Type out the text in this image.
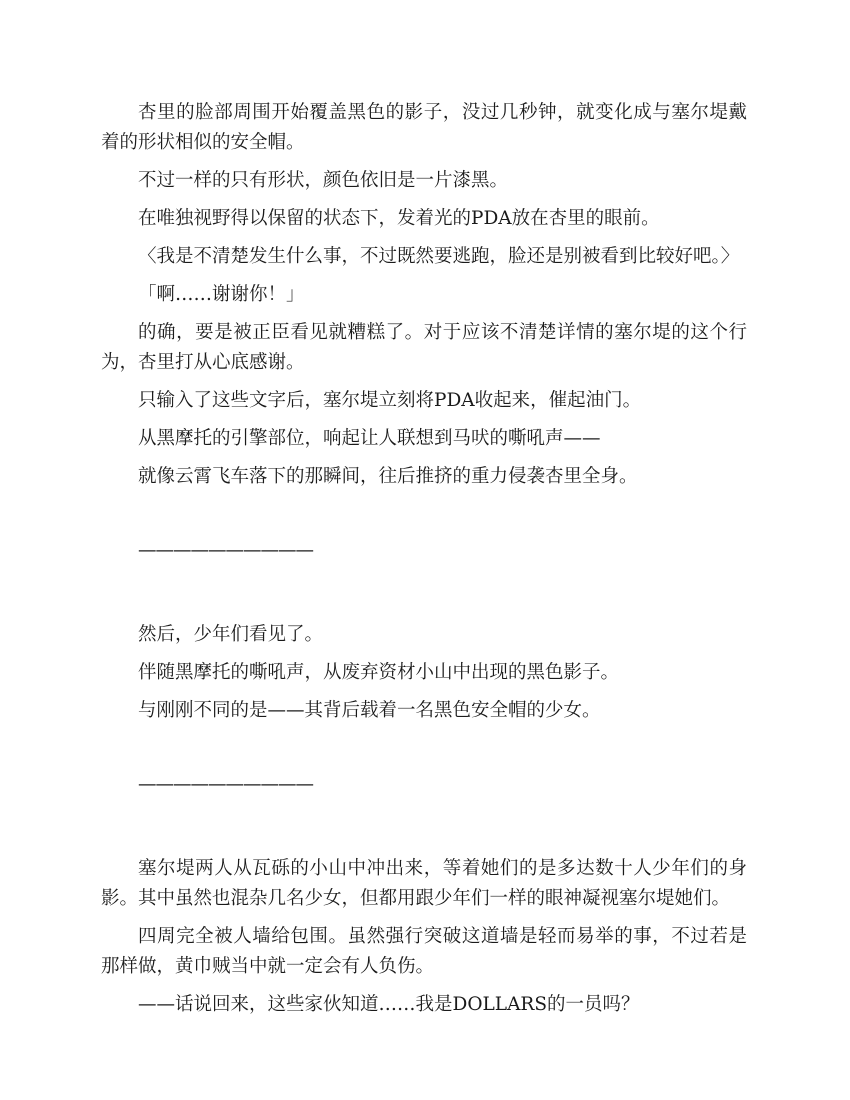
杏里的脸部周围开始覆盖黑色的影子，没过几秒钟，就变化成与塞尔堤戴着的形状相似的安全帽。

不过一样的只有形状，颜色依旧是一片漆黑。

在唯独视野得以保留的状态下，发着光的PDA放在杏里的眼前。

〈我是不清楚发生什么事，不过既然要逃跑，脸还是别被看到比较好吧。〉

「啊……谢谢你！」

的确，要是被正臣看见就糟糕了。对于应该不清楚详情的塞尔堤的这个行为，杏里打从心底感谢。

只输入了这些文字后，塞尔堤立刻将PDA收起来，催起油门。

从黑摩托的引擎部位，响起让人联想到马吠的嘶吼声——

就像云霄飞车落下的那瞬间，往后推挤的重力侵袭杏里全身。

——————————

然后，少年们看见了。

伴随黑摩托的嘶吼声，从废弃资材小山中出现的黑色影子。

与刚刚不同的是——其背后载着一名黑色安全帽的少女。

——————————

塞尔堤两人从瓦砾的小山中冲出来，等着她们的是多达数十人少年们的身影。其中虽然也混杂几名少女，但都用跟少年们一样的眼神凝视塞尔堤她们。

四周完全被人墙给包围。虽然强行突破这道墙是轻而易举的事，不过若是那样做，黄巾贼当中就一定会有人负伤。

——话说回来，这些家伙知道……我是DOLLARS的一员吗？
